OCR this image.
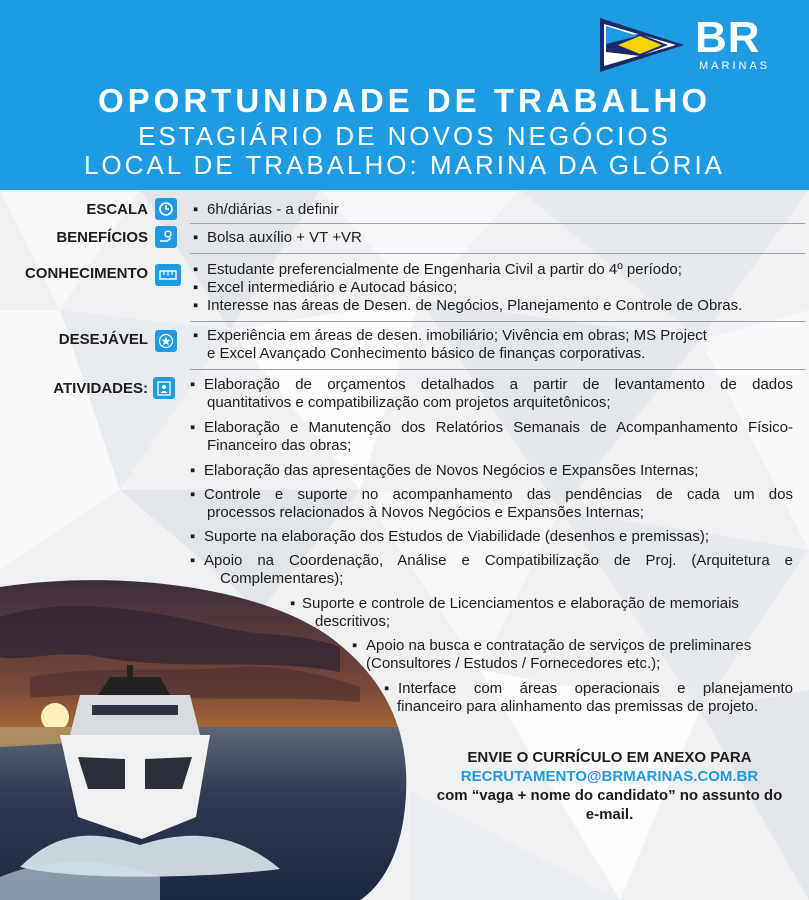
BR
MARINAS
OPORTUNIDADE DE TRABALHO
ESTAGIÁRIO DE NOVOS NEGÓCIOS
LOCAL DE TRABALHO: MARINA DA GLÓRIA
ESCALA	▪ 6h/diárias - a definir
BENEFÍCIOS	▪ Bolsa auxílio + VT +VR
CONHECIMENTO	▪ Estudante preferencialmente de Engenharia Civil a partir do 4º período;
▪ Excel intermediário e Autocad básico;
▪ Interesse nas áreas de Desen. de Negócios, Planejamento e Controle de Obras.
DESEJÁVEL	▪ Experiência em áreas de desen. imobiliário; Vivência em obras; MS Project
e Excel Avançado Conhecimento básico de finanças corporativas.
ATIVIDADES:	▪ Elaboração de orçamentos detalhados a partir de levantamento de dados
quantitativos e compatibilização com projetos arquitetônicos;
▪ Elaboração e Manutenção dos Relatórios Semanais de Acompanhamento Físico-
Financeiro das obras;
▪ Elaboração das apresentações de Novos Negócios e Expansões Internas;
▪ Controle e suporte no acompanhamento das pendências de cada um dos
processos relacionados à Novos Negócios e Expansões Internas;
▪ Suporte na elaboração dos Estudos de Viabilidade (desenhos e premissas);
▪ Apoio na Coordenação, Análise e Compatibilização de Proj. (Arquitetura e
Complementares);
▪ Suporte e controle de Licenciamentos e elaboração de memoriais
descritivos;
▪ Apoio na busca e contratação de serviços de preliminares
(Consultores / Estudos / Fornecedores etc.);
▪ Interface com áreas operacionais e planejamento
financeiro para alinhamento das premissas de projeto.
ENVIE O CURRÍCULO EM ANEXO PARA
RECRUTAMENTO@BRMARINAS.COM.BR
com “vaga + nome do candidato” no assunto do
e-mail.
